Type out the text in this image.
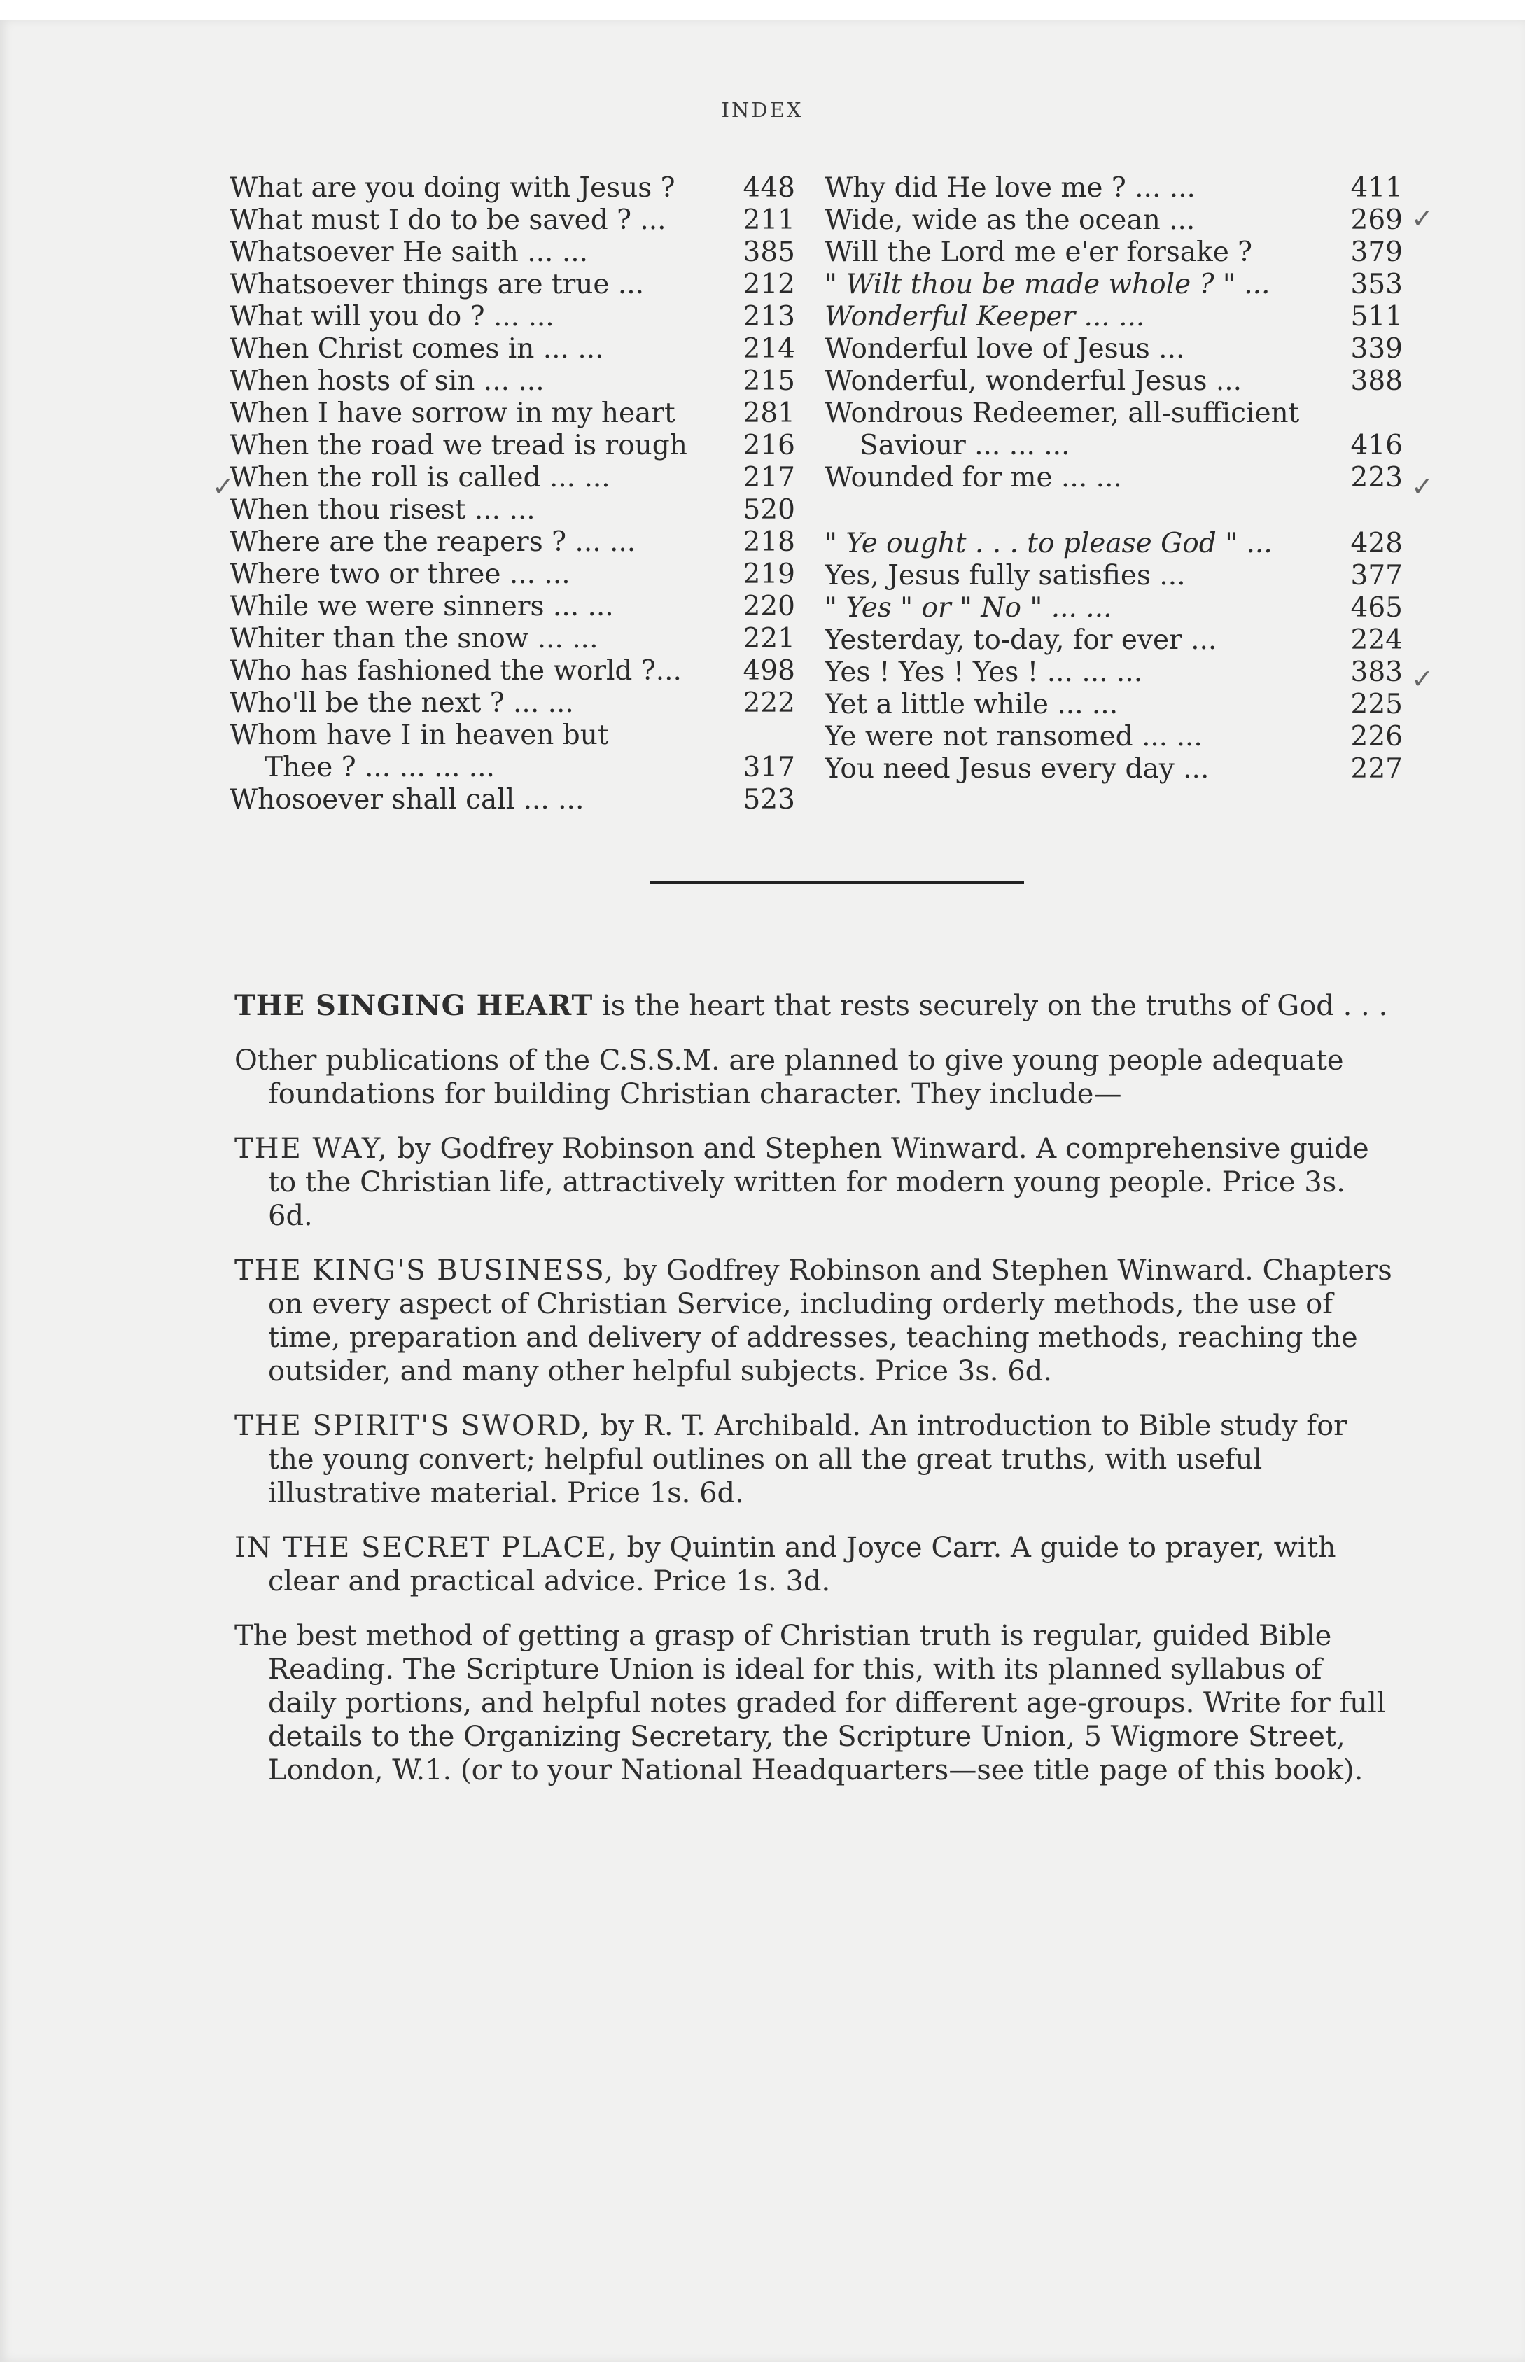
INDEX
What are you doing with Jesus ?	448
What must I do to be saved ? ...	211
Whatsoever He saith ... ...	385
Whatsoever things are true ...	212
What will you do ? ... ...	213
When Christ comes in ... ...	214
When hosts of sin ... ...	215
When I have sorrow in my heart	281
When the road we tread is rough	216
When the roll is called ... ...	217
When thou risest ... ...	520
Where are the reapers ? ... ...	218
Where two or three ... ...	219
While we were sinners ... ...	220
Whiter than the snow ... ...	221
Who has fashioned the world ?...	498
Who'll be the next ? ... ...	222
Whom have I in heaven but
Thee ? ... ... ... ...	317
Whosoever shall call ... ...	523
Why did He love me ? ... ...	411
Wide, wide as the ocean ...	269
Will the Lord me e'er forsake ?	379
" Wilt thou be made whole ? " ...	353
Wonderful Keeper ... ...	511
Wonderful love of Jesus ...	339
Wonderful, wonderful Jesus ...	388
Wondrous Redeemer, all-sufficient
Saviour ... ... ...	416
Wounded for me ... ...	223
" Ye ought . . . to please God " ...	428
Yes, Jesus fully satisfies ...	377
" Yes " or " No " ... ...	465
Yesterday, to-day, for ever ...	224
Yes ! Yes ! Yes ! ... ... ...	383
Yet a little while ... ...	225
Ye were not ransomed ... ...	226
You need Jesus every day ...	227
✓
✓
✓
✓

THE SINGING HEART is the heart that rests securely on the truths of God . . .

Other publications of the C.S.S.M. are planned to give young people adequate foundations for building Christian character. They include—

THE WAY, by Godfrey Robinson and Stephen Winward. A comprehensive guide to the Christian life, attractively written for modern young people. Price 3s. 6d.

THE KING'S BUSINESS, by Godfrey Robinson and Stephen Winward. Chapters on every aspect of Christian Service, including orderly methods, the use of time, preparation and delivery of addresses, teaching methods, reaching the outsider, and many other helpful subjects. Price 3s. 6d.

THE SPIRIT'S SWORD, by R. T. Archibald. An introduction to Bible study for the young convert; helpful outlines on all the great truths, with useful illustrative material. Price 1s. 6d.

IN THE SECRET PLACE, by Quintin and Joyce Carr. A guide to prayer, with clear and practical advice. Price 1s. 3d.

The best method of getting a grasp of Christian truth is regular, guided Bible Reading. The Scripture Union is ideal for this, with its planned syllabus of daily portions, and helpful notes graded for different age-groups. Write for full details to the Organizing Secretary, the Scripture Union, 5 Wigmore Street, London, W.1. (or to your National Headquarters—see title page of this book).
